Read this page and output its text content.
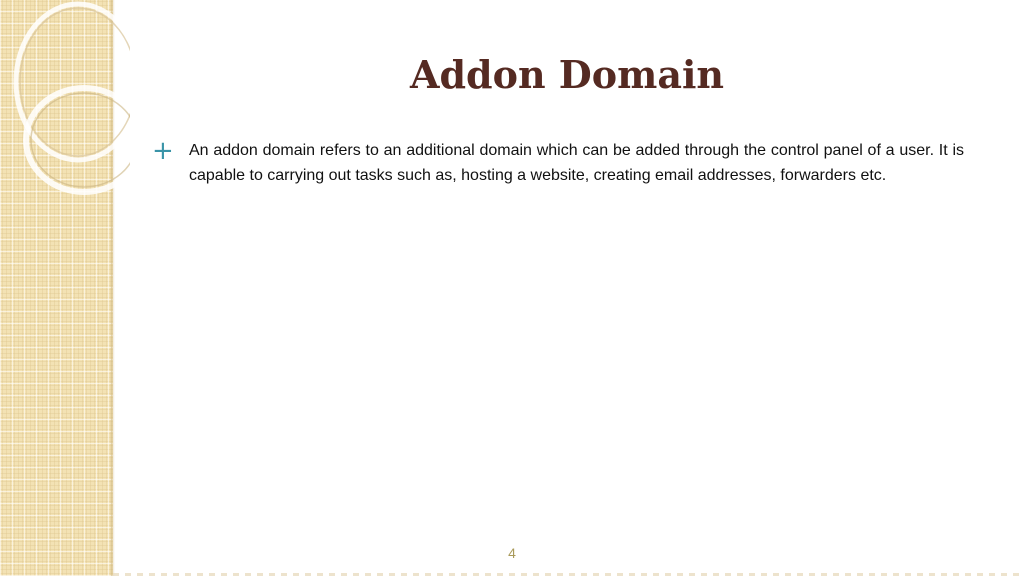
Addon Domain
+ An addon domain refers to an additional domain which can be added through the control panel of a user. It is capable to carrying out tasks such as, hosting a website, creating email addresses, forwarders etc.

4
